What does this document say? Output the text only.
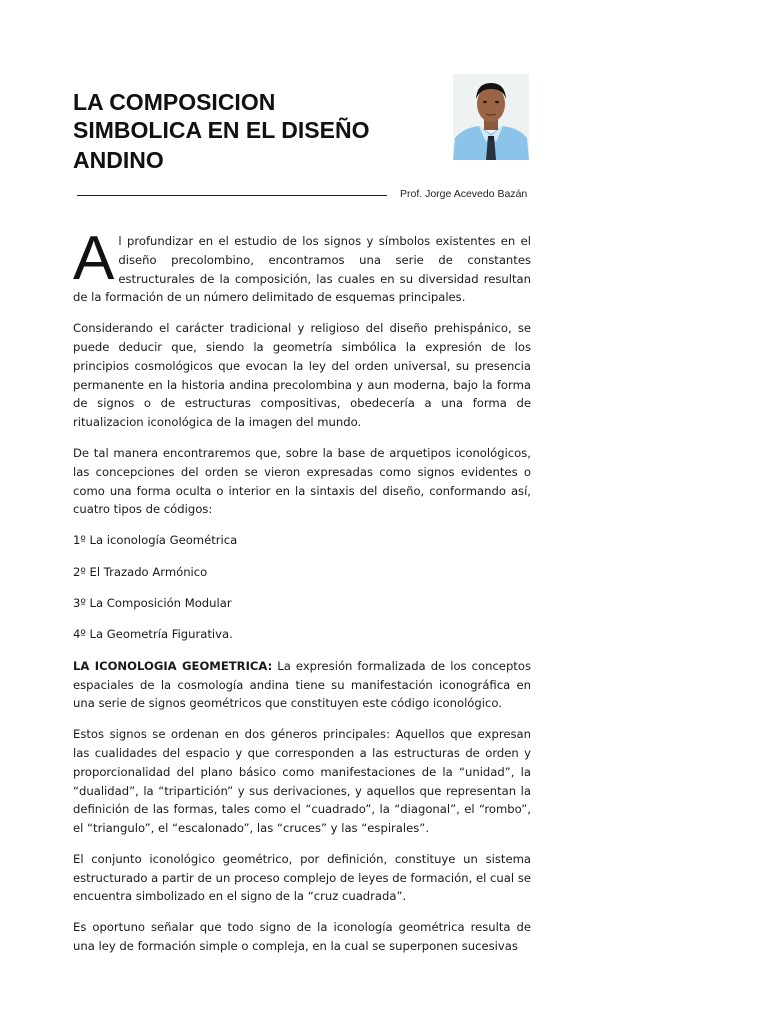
LA COMPOSICION
SIMBOLICA EN EL DISEÑO
ANDINO
Prof. Jorge Acevedo Bazán

Al profundizar en el estudio de los signos y símbolos existentes en el diseño precolombino, encontramos una serie de constantes estructurales de la composición, las cuales en su diversidad resultan de la formación de un número delimitado de esquemas principales.

Considerando el carácter tradicional y religioso del diseño prehispánico, se puede deducir que, siendo la geometría simbólica la expresión de los principios cosmológicos que evocan la ley del orden universal, su presencia permanente en la historia andina precolombina y aun moderna, bajo la forma de signos o de estructuras compositivas, obedecería a una forma de ritualizacion iconológica de la imagen del mundo.

De tal manera encontraremos que, sobre la base de arquetipos iconológicos, las concepciones del orden se vieron expresadas como signos evidentes o como una forma oculta o interior en la sintaxis del diseño, conformando así, cuatro tipos de códigos:

1º La iconología Geométrica

2º El Trazado Armónico

3º La Composición Modular

4º La Geometría Figurativa.

LA ICONOLOGIA GEOMETRICA: La expresión formalizada de los conceptos espaciales de la cosmología andina tiene su manifestación iconográfica en una serie de signos geométricos que constituyen este código iconológico.

Estos signos se ordenan en dos géneros principales: Aquellos que expresan las cualidades del espacio y que corresponden a las estructuras de orden y proporcionalidad del plano básico como manifestaciones de la “unidad”, la “dualidad”, la “tripartición” y sus derivaciones, y aquellos que representan la definición de las formas, tales como el “cuadrado”, la “diagonal”, el “rombo”, el “triangulo”, el “escalonado”, las “cruces” y las “espirales”.

El conjunto iconológico geométrico, por definición, constituye un sistema estructurado a partir de un proceso complejo de leyes de formación, el cual se encuentra simbolizado en el signo de la “cruz cuadrada”.

Es oportuno señalar que todo signo de la iconología geométrica resulta de una ley de formación simple o compleja, en la cual se superponen sucesivas
